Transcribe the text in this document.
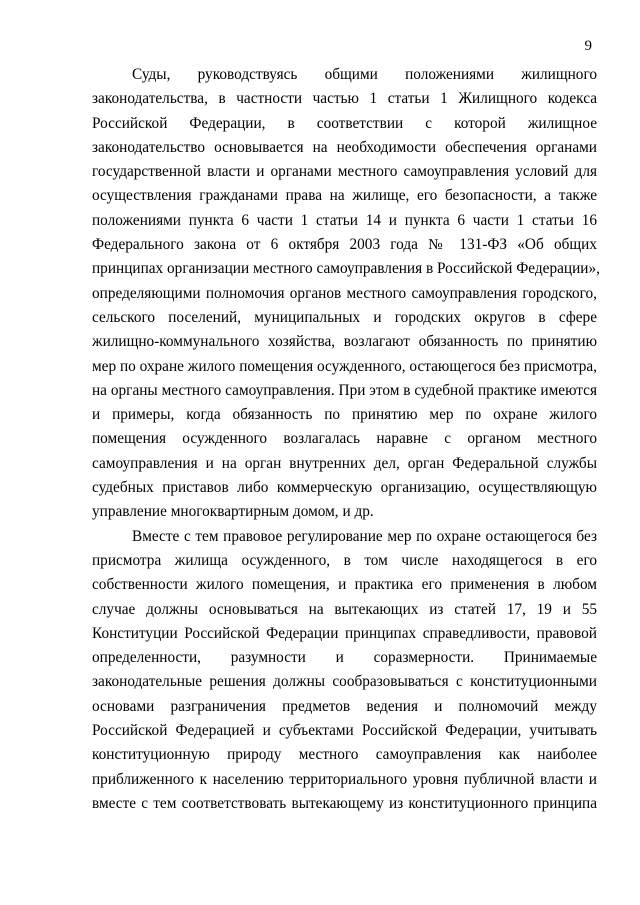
9
Суды, руководствуясь общими положениями жилищного
законодательства, в частности частью 1 статьи 1 Жилищного кодекса
Российской Федерации, в соответствии с которой жилищное
законодательство основывается на необходимости обеспечения органами
государственной власти и органами местного самоуправления условий для
осуществления гражданами права на жилище, его безопасности, а также
положениями пункта 6 части 1 статьи 14 и пункта 6 части 1 статьи 16
Федерального закона от 6 октября 2003 года № 131-ФЗ «Об общих
принципах организации местного самоуправления в Российской Федерации»,
определяющими полномочия органов местного самоуправления городского,
сельского поселений, муниципальных и городских округов в сфере
жилищно-коммунального хозяйства, возлагают обязанность по принятию
мер по охране жилого помещения осужденного, остающегося без присмотра,
на органы местного самоуправления. При этом в судебной практике имеются
и примеры, когда обязанность по принятию мер по охране жилого
помещения осужденного возлагалась наравне с органом местного
самоуправления и на орган внутренних дел, орган Федеральной службы
судебных приставов либо коммерческую организацию, осуществляющую
управление многоквартирным домом, и др.
Вместе с тем правовое регулирование мер по охране остающегося без
присмотра жилища осужденного, в том числе находящегося в его
собственности жилого помещения, и практика его применения в любом
случае должны основываться на вытекающих из статей 17, 19 и 55
Конституции Российской Федерации принципах справедливости, правовой
определенности, разумности и соразмерности. Принимаемые
законодательные решения должны сообразовываться с конституционными
основами разграничения предметов ведения и полномочий между
Российской Федерацией и субъектами Российской Федерации, учитывать
конституционную природу местного самоуправления как наиболее
приближенного к населению территориального уровня публичной власти и
вместе с тем соответствовать вытекающему из конституционного принципа
